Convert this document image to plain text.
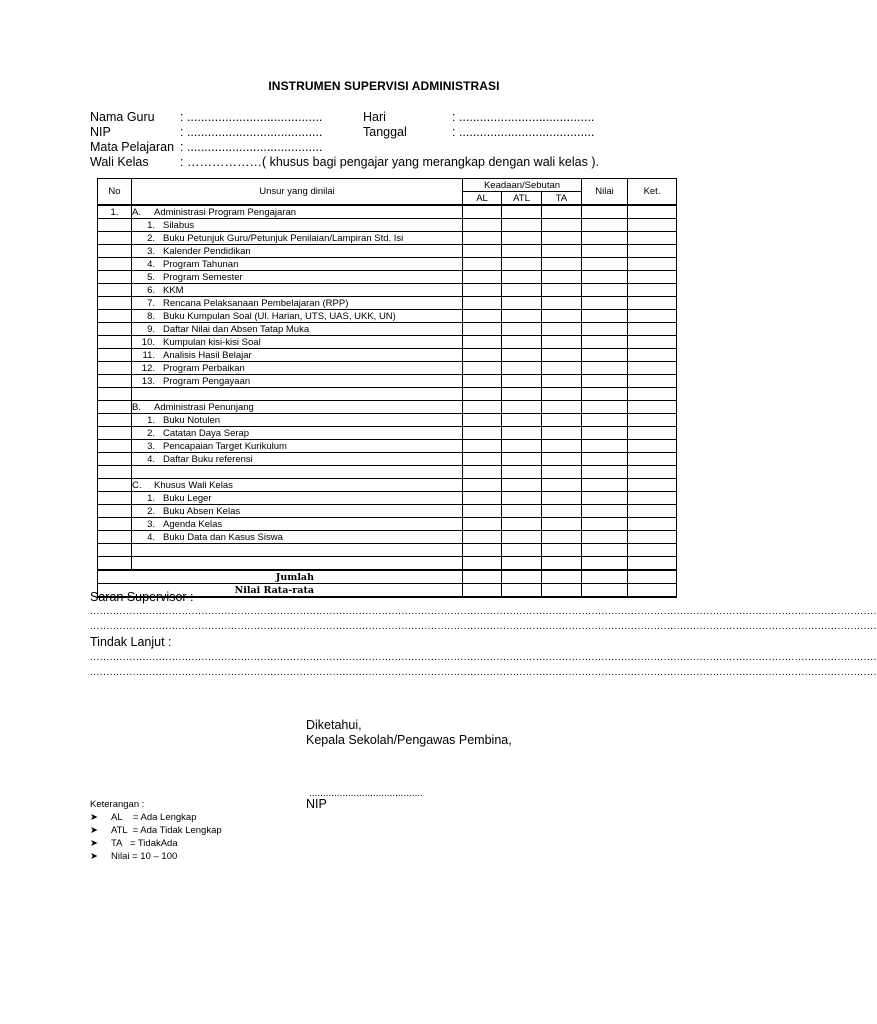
INSTRUMEN SUPERVISI ADMINISTRASI
Nama Guru : .......................................	Hari	: .......................................
NIP	: .......................................	Tanggal	: .......................................
Mata Pelajaran : .......................................
Wali Kelas	: ………………( khusus bagi pengajar yang merangkap dengan wali kelas ).
No	Unsur yang dinilai	Keadaan/Sebutan			Nilai	Ket.
		AL	ATL	TA		
1.	A. Administrasi Program Pengajaran					
	1. Silabus					
	2. Buku Petunjuk Guru/Petunjuk Penilaian/Lampiran Std. Isi					
	3. Kalender Pendidikan					
	4. Program Tahunan					
	5. Program Semester					
	6. KKM					
	7. Rencana Pelaksanaan Pembelajaran (RPP)					
	8. Buku Kumpulan Soal (Ul. Harian, UTS, UAS, UKK, UN)					
	9. Daftar Nilai dan Absen Tatap Muka					
	10. Kumpulan kisi-kisi Soal					
	11. Analisis Hasil Belajar					
	12. Program Perbaikan					
	13. Program Pengayaan					

	B. Administrasi Penunjang					
	1. Buku Notulen					
	2. Catatan Daya Serap					
	3. Pencapaian Target Kurikulum					
	4. Daftar Buku referensi					

	C. Khusus Wali Kelas					
	1. Buku Leger					
	2. Buku Absen Kelas					
	3. Agenda Kelas					
	4. Buku Data dan Kasus Siswa					

Jumlah						
Nilai Rata-rata						
Saran Supervisor :
................................................................................................................................................................................................................................................
................................................................................................................................................................................................................................................
Tindak Lanjut :
................................................................................................................................................................................................................................................
................................................................................................................................................................................................................................................
Diketahui,
Kepala Sekolah/Pengawas Pembina,
.........................................
NIP
Keterangan :
➤	AL    = Ada Lengkap
➤	ATL  = Ada Tidak Lengkap
➤	TA   = TidakAda
➤	Nilai = 10 – 100
